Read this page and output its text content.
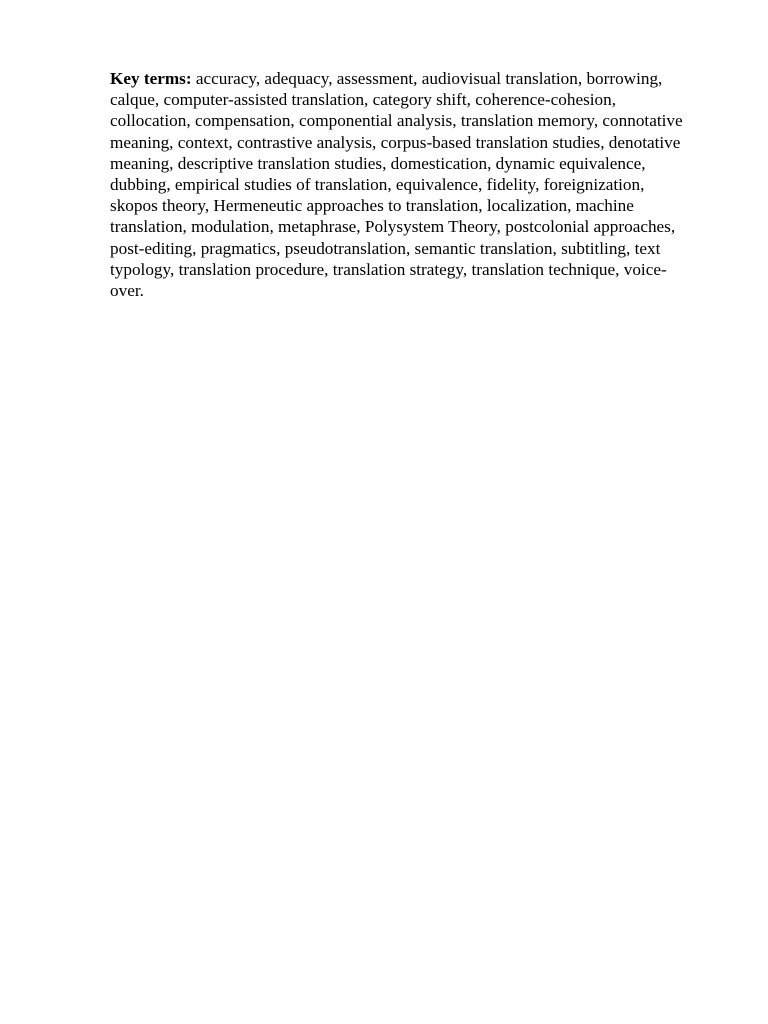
Key terms: accuracy, adequacy, assessment, audiovisual translation, borrowing,
calque, computer-assisted translation, category shift, coherence-cohesion,
collocation, compensation, componential analysis, translation memory, connotative
meaning, context, contrastive analysis, corpus-based translation studies, denotative
meaning, descriptive translation studies, domestication, dynamic equivalence,
dubbing, empirical studies of translation, equivalence, fidelity, foreignization,
skopos theory, Hermeneutic approaches to translation, localization, machine
translation, modulation, metaphrase, Polysystem Theory, postcolonial approaches,
post-editing, pragmatics, pseudotranslation, semantic translation, subtitling, text
typology, translation procedure, translation strategy, translation technique, voice-
over.
